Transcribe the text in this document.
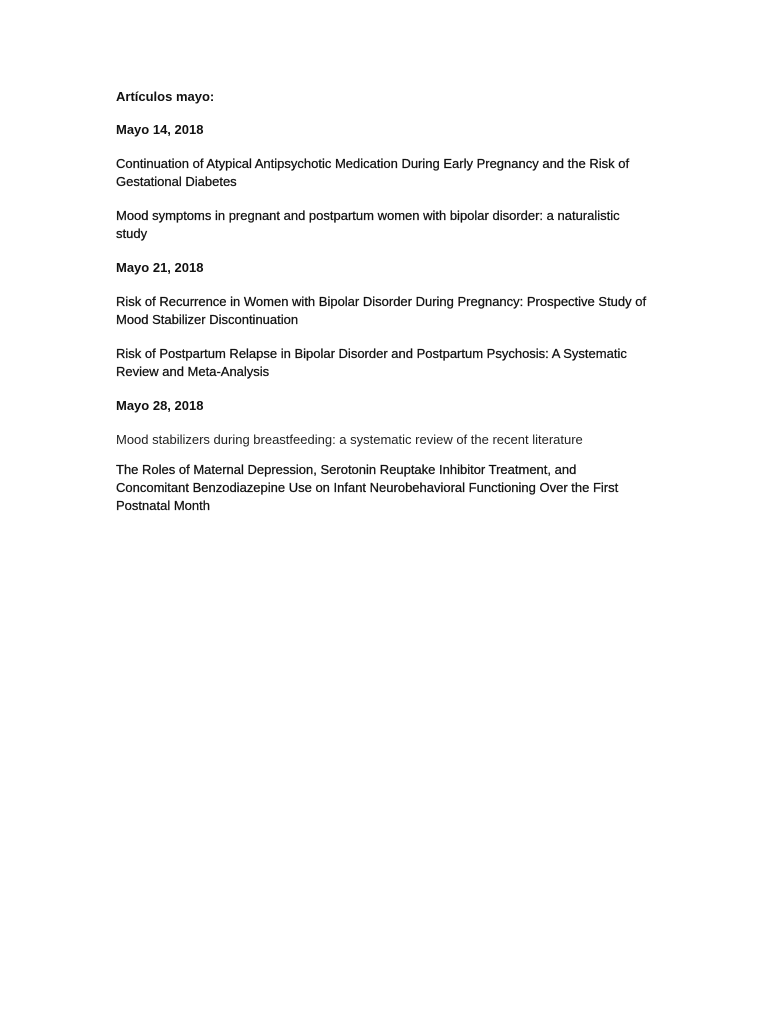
Artículos mayo:
Mayo 14, 2018
Continuation of Atypical Antipsychotic Medication During Early Pregnancy and the Risk of Gestational Diabetes
Mood symptoms in pregnant and postpartum women with bipolar disorder: a naturalistic study
Mayo 21, 2018
Risk of Recurrence in Women with Bipolar Disorder During Pregnancy: Prospective Study of Mood Stabilizer Discontinuation
Risk of Postpartum Relapse in Bipolar Disorder and Postpartum Psychosis: A Systematic Review and Meta-Analysis
Mayo 28, 2018
Mood stabilizers during breastfeeding: a systematic review of the recent literature
The Roles of Maternal Depression, Serotonin Reuptake Inhibitor Treatment, and Concomitant Benzodiazepine Use on Infant Neurobehavioral Functioning Over the First Postnatal Month
